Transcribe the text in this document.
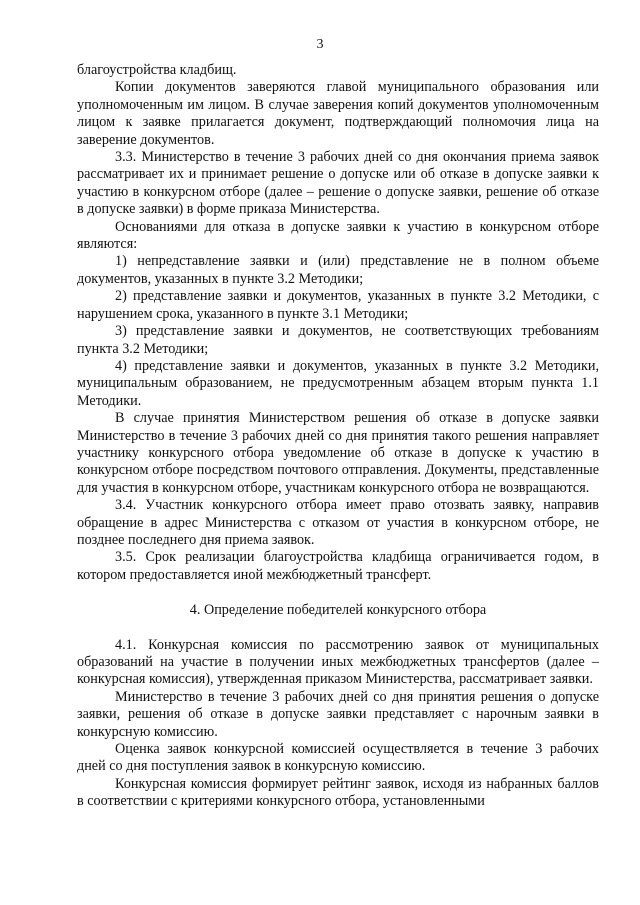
3

благоустройства кладбищ.

Копии документов заверяются главой муниципального образования или уполномоченным им лицом. В случае заверения копий документов уполномоченным лицом к заявке прилагается документ, подтверждающий полномочия лица на заверение документов.

3.3. Министерство в течение 3 рабочих дней со дня окончания приема заявок рассматривает их и принимает решение о допуске или об отказе в допуске заявки к участию в конкурсном отборе (далее – решение о допуске заявки, решение об отказе в допуске заявки) в форме приказа Министерства.

Основаниями для отказа в допуске заявки к участию в конкурсном отборе являются:

1) непредставление заявки и (или) представление не в полном объеме документов, указанных в пункте 3.2 Методики;

2) представление заявки и документов, указанных в пункте 3.2 Методики, с нарушением срока, указанного в пункте 3.1 Методики;

3) представление заявки и документов, не соответствующих требованиям пункта 3.2 Методики;

4) представление заявки и документов, указанных в пункте 3.2 Методики, муниципальным образованием, не предусмотренным абзацем вторым пункта 1.1 Методики.

В случае принятия Министерством решения об отказе в допуске заявки Министерство в течение 3 рабочих дней со дня принятия такого решения направляет участнику конкурсного отбора уведомление об отказе в допуске к участию в конкурсном отборе посредством почтового отправления. Документы, представленные для участия в конкурсном отборе, участникам конкурсного отбора не возвращаются.

3.4. Участник конкурсного отбора имеет право отозвать заявку, направив обращение в адрес Министерства с отказом от участия в конкурсном отборе, не позднее последнего дня приема заявок.

3.5. Срок реализации благоустройства кладбища ограничивается годом, в котором предоставляется иной межбюджетный трансферт.

4. Определение победителей конкурсного отбора

4.1. Конкурсная комиссия по рассмотрению заявок от муниципальных образований на участие в получении иных межбюджетных трансфертов (далее – конкурсная комиссия), утвержденная приказом Министерства, рассматривает заявки.

Министерство в течение 3 рабочих дней со дня принятия решения о допуске заявки, решения об отказе в допуске заявки представляет с нарочным заявки в конкурсную комиссию.

Оценка заявок конкурсной комиссией осуществляется в течение 3 рабочих дней со дня поступления заявок в конкурсную комиссию.

Конкурсная комиссия формирует рейтинг заявок, исходя из набранных баллов в соответствии с критериями конкурсного отбора, установленными
